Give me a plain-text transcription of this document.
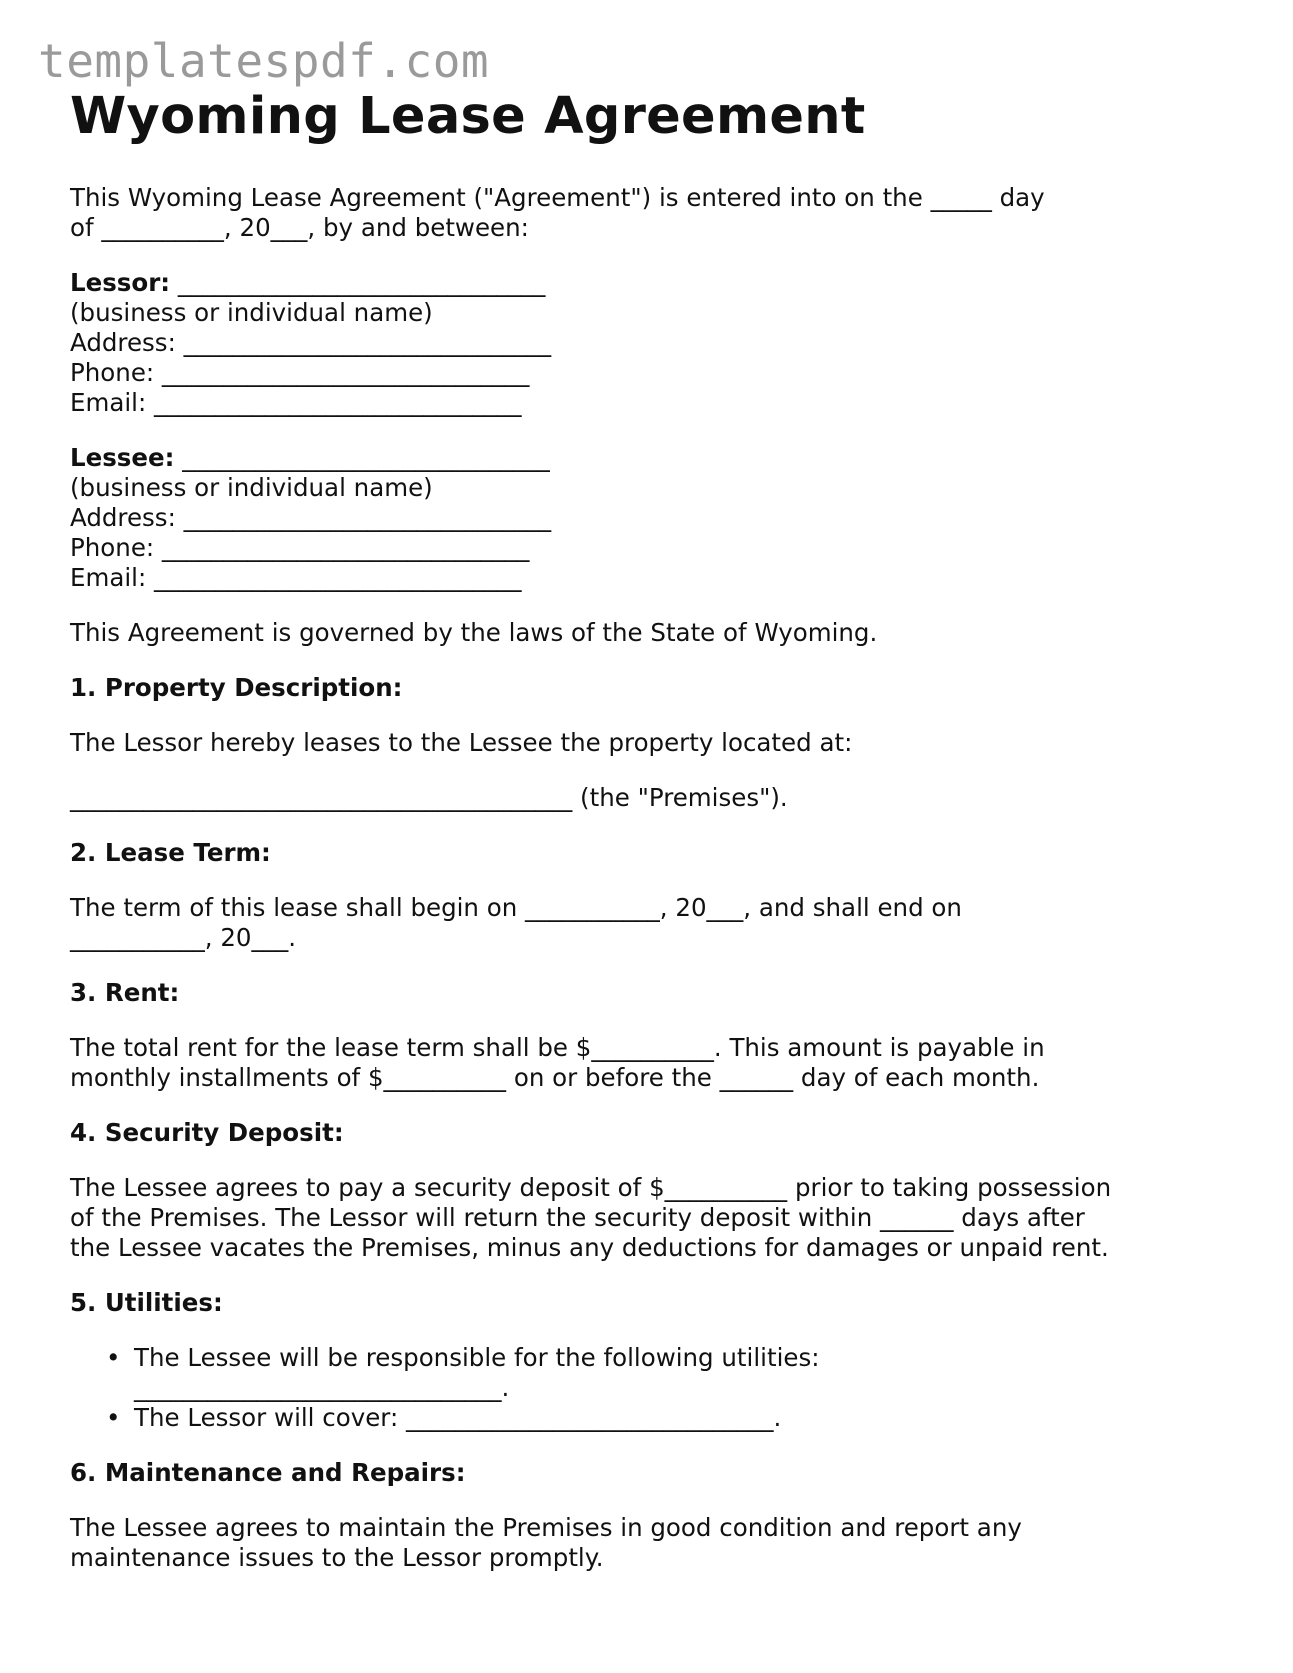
templatespdf.com
Wyoming Lease Agreement

This Wyoming Lease Agreement ("Agreement") is entered into on the _____ day of __________, 20___, by and between:

Lessor: ______________________________

(business or individual name)

Address: ______________________________

Phone: ______________________________

Email: ______________________________

Lessee: ______________________________

(business or individual name)

Address: ______________________________

Phone: ______________________________

Email: ______________________________

This Agreement is governed by the laws of the State of Wyoming.

1. Property Description:

The Lessor hereby leases to the Lessee the property located at:

_________________________________________ (the "Premises").

2. Lease Term:

The term of this lease shall begin on ___________, 20___, and shall end on ___________, 20___.

3. Rent:

The total rent for the lease term shall be $__________. This amount is payable in monthly installments of $__________ on or before the ______ day of each month.

4. Security Deposit:

The Lessee agrees to pay a security deposit of $__________ prior to taking possession of the Premises. The Lessor will return the security deposit within ______ days after the Lessee vacates the Premises, minus any deductions for damages or unpaid rent.

5. Utilities:
• The Lessee will be responsible for the following utilities: ______________________________.
• The Lessor will cover: ______________________________.
6. Maintenance and Repairs:

The Lessee agrees to maintain the Premises in good condition and report any maintenance issues to the Lessor promptly.
